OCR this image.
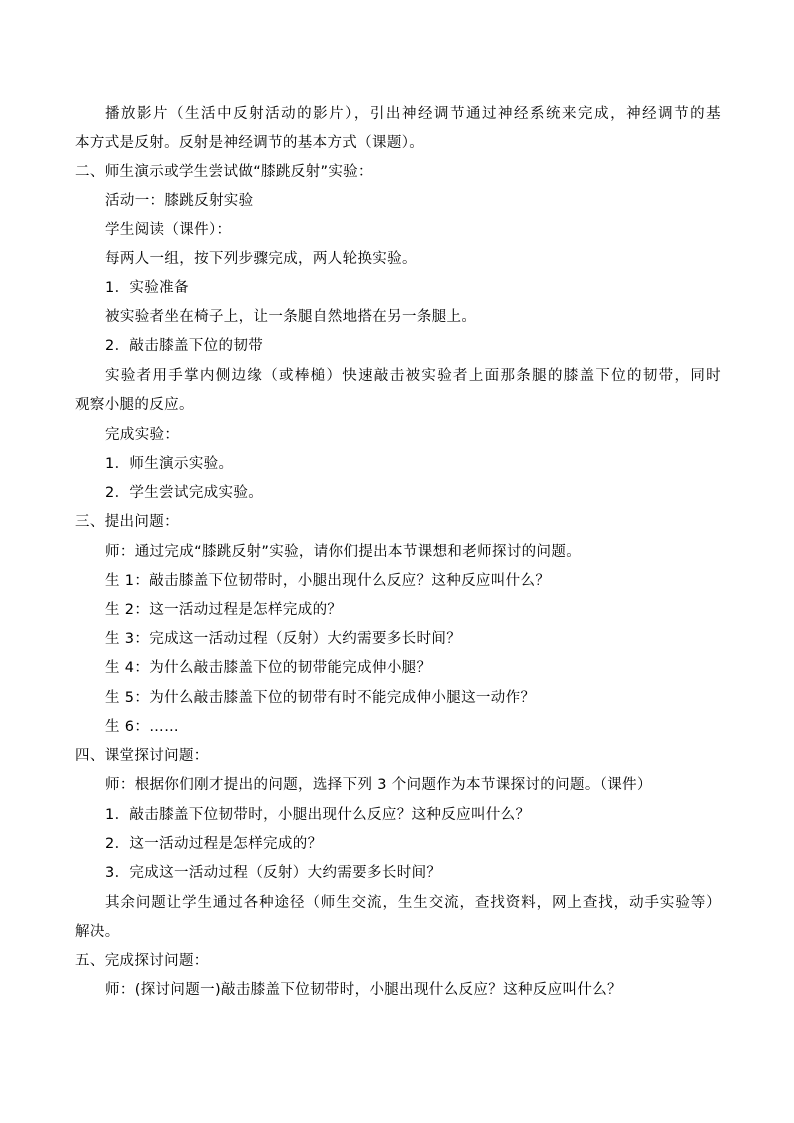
播放影片（生活中反射活动的影片），引出神经调节通过神经系统来完成，神经调节的基
本方式是反射。反射是神经调节的基本方式（课题）。
二、师生演示或学生尝试做“膝跳反射”实验：
活动一：膝跳反射实验
学生阅读（课件）：
每两人一组，按下列步骤完成，两人轮换实验。
1．实验准备
被实验者坐在椅子上，让一条腿自然地搭在另一条腿上。
2．敲击膝盖下位的韧带
实验者用手掌内侧边缘（或棒槌）快速敲击被实验者上面那条腿的膝盖下位的韧带，同时
观察小腿的反应。
完成实验：
1．师生演示实验。
2．学生尝试完成实验。
三、提出问题：
师：通过完成“膝跳反射”实验，请你们提出本节课想和老师探讨的问题。
生 1：敲击膝盖下位韧带时，小腿出现什么反应？这种反应叫什么？
生 2：这一活动过程是怎样完成的？
生 3：完成这一活动过程（反射）大约需要多长时间？
生 4：为什么敲击膝盖下位的韧带能完成伸小腿？
生 5：为什么敲击膝盖下位的韧带有时不能完成伸小腿这一动作？
生 6：……
四、课堂探讨问题：
师：根据你们刚才提出的问题，选择下列 3 个问题作为本节课探讨的问题。（课件）
1．敲击膝盖下位韧带时，小腿出现什么反应？这种反应叫什么？
2．这一活动过程是怎样完成的？
3．完成这一活动过程（反射）大约需要多长时间？
其余问题让学生通过各种途径（师生交流，生生交流，查找资料，网上查找，动手实验等）
解决。
五、完成探讨问题：
师：(探讨问题一)敲击膝盖下位韧带时，小腿出现什么反应？这种反应叫什么？
